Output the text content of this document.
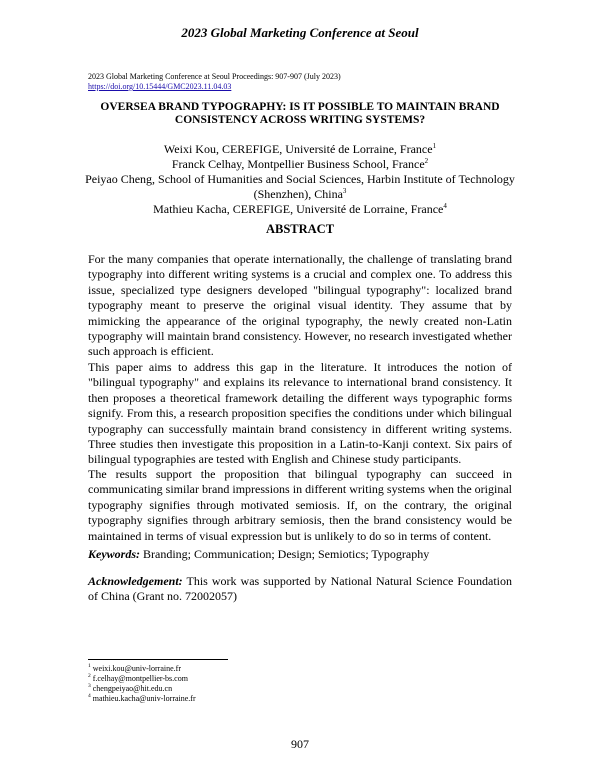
2023 Global Marketing Conference at Seoul
2023 Global Marketing Conference at Seoul Proceedings: 907-907 (July 2023)
https://doi.org/10.15444/GMC2023.11.04.03
OVERSEA BRAND TYPOGRAPHY: IS IT POSSIBLE TO MAINTAIN BRAND
CONSISTENCY ACROSS WRITING SYSTEMS?
Weixi Kou, CEREFIGE, Université de Lorraine, France$^1$
Franck Celhay, Montpellier Business School, France$^2$
Peiyao Cheng, School of Humanities and Social Sciences, Harbin Institute of Technology (Shenzhen), China$^3$
Mathieu Kacha, CEREFIGE, Université de Lorraine, France$^4$
ABSTRACT

For the many companies that operate internationally, the challenge of translating brand typography into different writing systems is a crucial and complex one. To address this issue, specialized type designers developed "bilingual typography": localized brand typography meant to preserve the original visual identity. They assume that by mimicking the appearance of the original typography, the newly created non-Latin typography will maintain brand consistency. However, no research investigated whether such approach is efficient.

This paper aims to address this gap in the literature. It introduces the notion of "bilingual typography" and explains its relevance to international brand consistency. It then proposes a theoretical framework detailing the different ways typographic forms signify. From this, a research proposition specifies the conditions under which bilingual typography can successfully maintain brand consistency in different writing systems. Three studies then investigate this proposition in a Latin-to-Kanji context. Six pairs of bilingual typographies are tested with English and Chinese study participants.

The results support the proposition that bilingual typography can succeed in communicating similar brand impressions in different writing systems when the original typography signifies through motivated semiosis. If, on the contrary, the original typography signifies through arbitrary semiosis, then the brand consistency would be maintained in terms of visual expression but is unlikely to do so in terms of content.

Keywords: Branding; Communication; Design; Semiotics; Typography

Acknowledgement: This work was supported by National Natural Science Foundation of China (Grant no. 72002057)

$^1$ weixi.kou@univ-lorraine.fr
$^2$ f.celhay@montpellier-bs.com
$^3$ chengpeiyao@hit.edu.cn
$^4$ mathieu.kacha@univ-lorraine.fr
907
